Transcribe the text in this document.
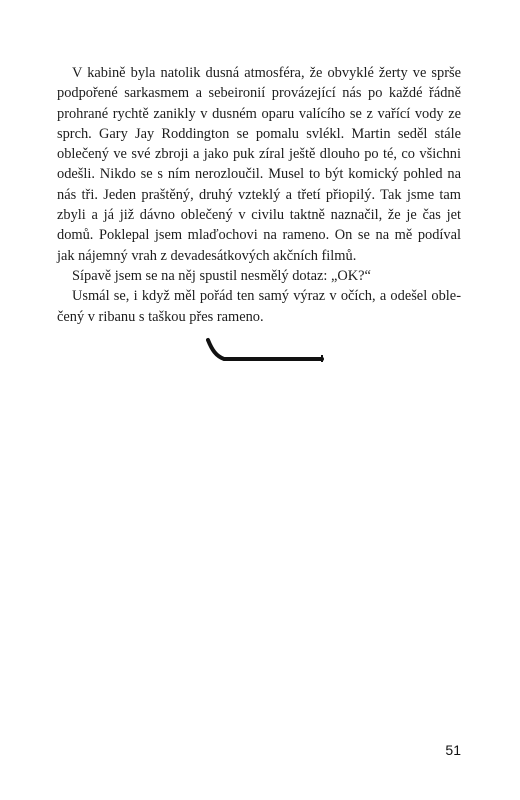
V kabině byla natolik dusná atmosféra, že obvyklé žerty ve sprše podpořené sarkasmem a sebeironií provázející nás po každé řádně prohrané rychtě zanikly v dusném oparu valícího se z vařící vody ze sprch. Gary Jay Roddington se pomalu svlékl. Martin seděl stále oblečený ve své zbroji a jako puk zíral ještě dlouho po té, co všichni odešli. Nikdo se s ním nerozloučil. Musel to být komický pohled na nás tři. Jeden praštěný, druhý vzteklý a třetí přiopilý. Tak jsme tam zbyli a já již dávno oblečený v civilu taktně naznačil, že je čas jet domů. Poklepal jsem mlaďochovi na rameno. On se na mě podíval jak nájemný vrah z devadesátkových akčních filmů.

Sípavě jsem se na něj spustil nesmělý dotaz: „OK?“

Usmál se, i když měl pořád ten samý výraz v očích, a odešel oblečený v ribanu s taškou přes rameno.

51
